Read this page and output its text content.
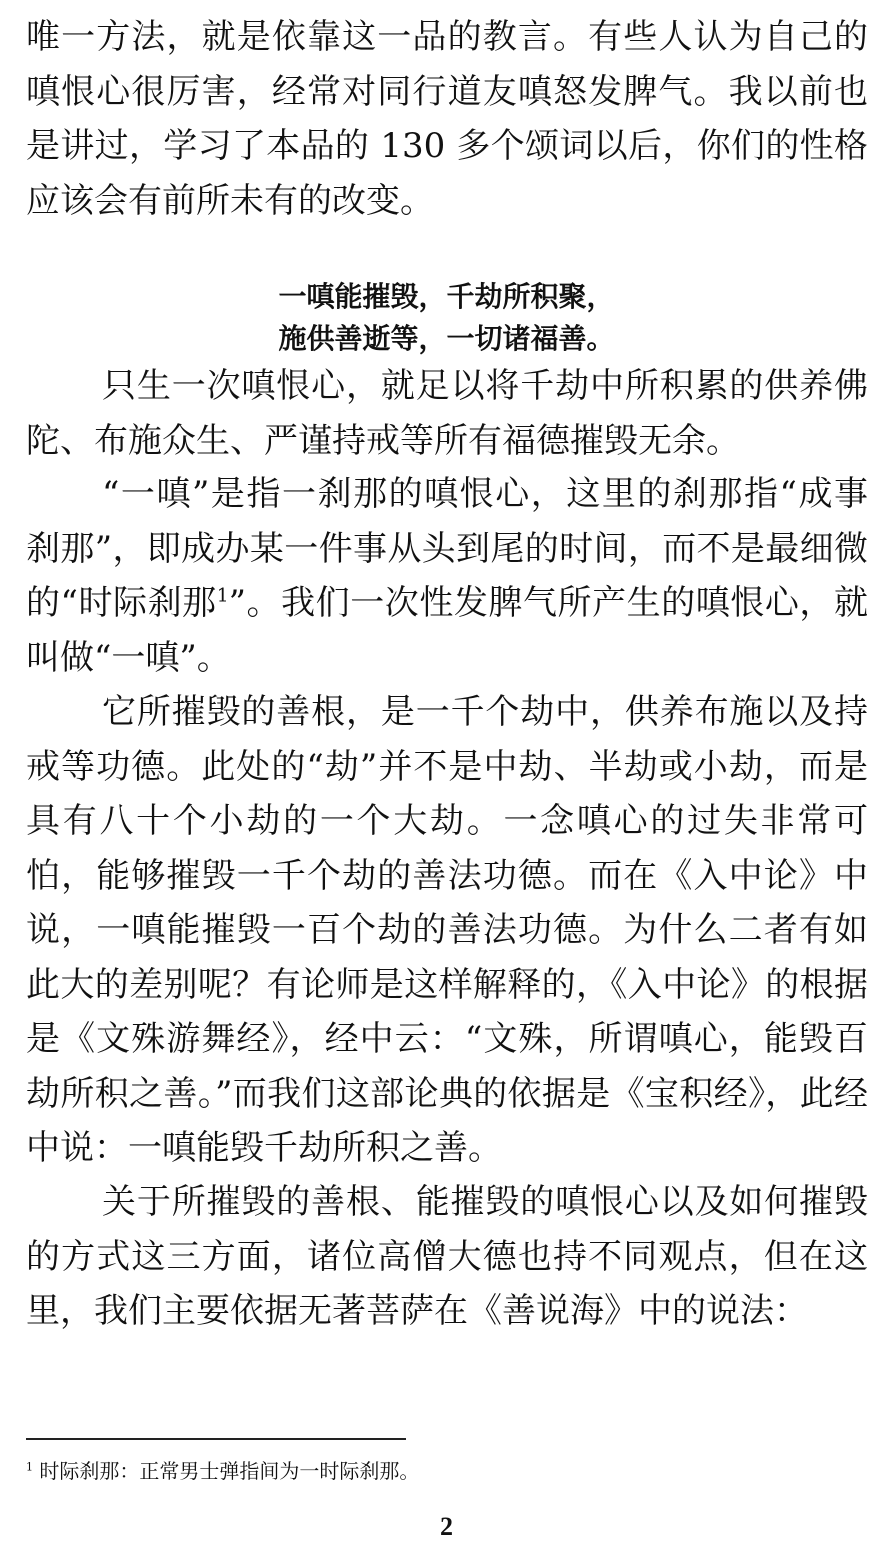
唯一方法，就是依靠这一品的教言。有些人认为自己的嗔恨心很厉害，经常对同行道友嗔怒发脾气。我以前也是讲过，学习了本品的 130 多个颂词以后，你们的性格应该会有前所未有的改变。

一嗔能摧毁，千劫所积聚，
施供善逝等，一切诸福善。

只生一次嗔恨心，就足以将千劫中所积累的供养佛陀、布施众生、严谨持戒等所有福德摧毁无余。

“一嗔”是指一刹那的嗔恨心，这里的刹那指“成事刹那”，即成办某一件事从头到尾的时间，而不是最细微的“时际刹那$^1$”。我们一次性发脾气所产生的嗔恨心，就叫做“一嗔”。

它所摧毁的善根，是一千个劫中，供养布施以及持戒等功德。此处的“劫”并不是中劫、半劫或小劫，而是具有八十个小劫的一个大劫。一念嗔心的过失非常可怕，能够摧毁一千个劫的善法功德。而在《入中论》中说，一嗔能摧毁一百个劫的善法功德。为什么二者有如此大的差别呢？有论师是这样解释的，《入中论》的根据是《文殊游舞经》，经中云：“文殊，所谓嗔心，能毁百劫所积之善。”而我们这部论典的依据是《宝积经》，此经中说：一嗔能毁千劫所积之善。

关于所摧毁的善根、能摧毁的嗔恨心以及如何摧毁的方式这三方面，诸位高僧大德也持不同观点，但在这里，我们主要依据无著菩萨在《善说海》中的说法：

$^1$ 时际刹那：正常男士弹指间为一时际刹那。

2
